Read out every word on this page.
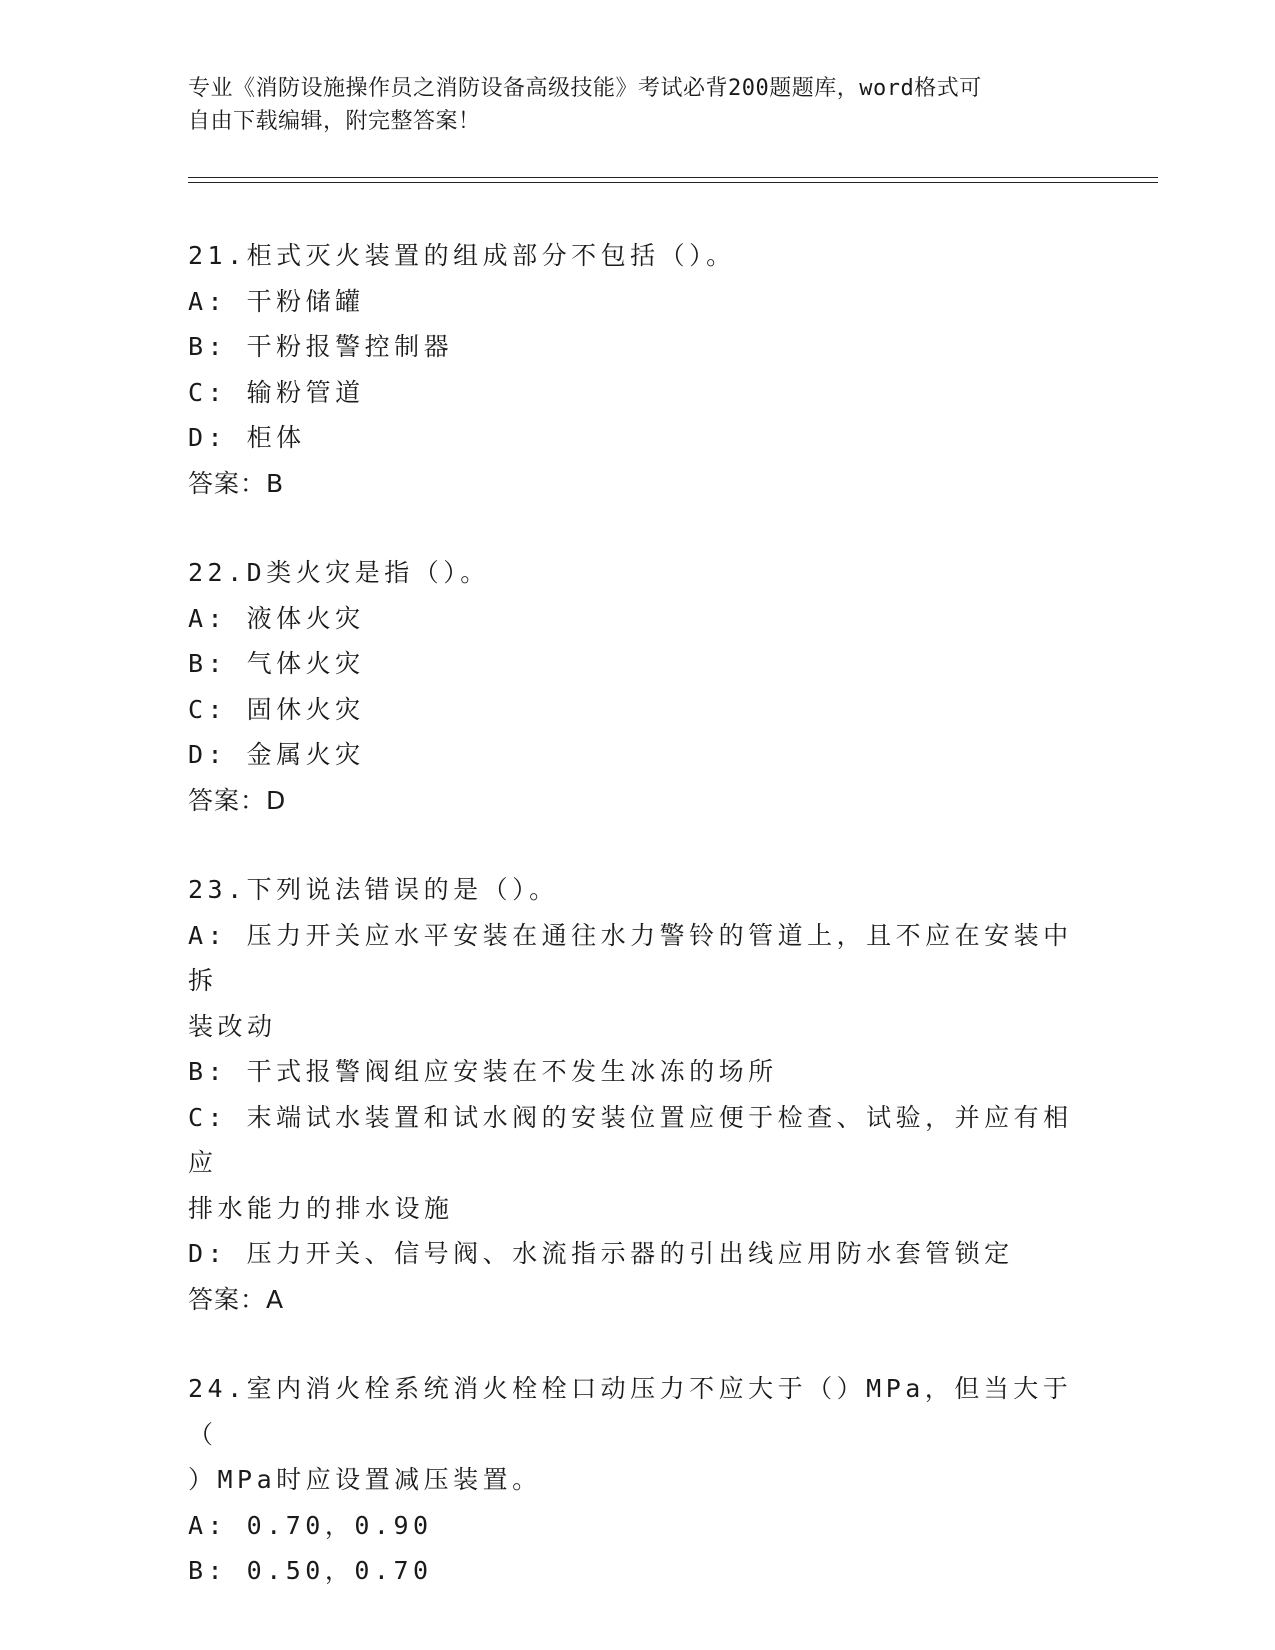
专业《消防设施操作员之消防设备高级技能》考试必背200题题库，word格式可
自由下载编辑，附完整答案！
21.柜式灭火装置的组成部分不包括（）。
A: 干粉储罐
B: 干粉报警控制器
C: 输粉管道
D: 柜体
答案：B
22.D类火灾是指（）。
A: 液体火灾
B: 气体火灾
C: 固休火灾
D: 金属火灾
答案：D
23.下列说法错误的是（）。
A: 压力开关应水平安装在通往水力警铃的管道上，且不应在安装中拆
装改动
B: 干式报警阀组应安装在不发生冰冻的场所
C: 末端试水装置和试水阀的安装位置应便于检查、试验，并应有相应
排水能力的排水设施
D: 压力开关、信号阀、水流指示器的引出线应用防水套管锁定
答案：A
24.室内消火栓系统消火栓栓口动压力不应大于（）MPa，但当大于（
）MPa时应设置减压装置。
A: 0.70，0.90
B: 0.50，0.70
